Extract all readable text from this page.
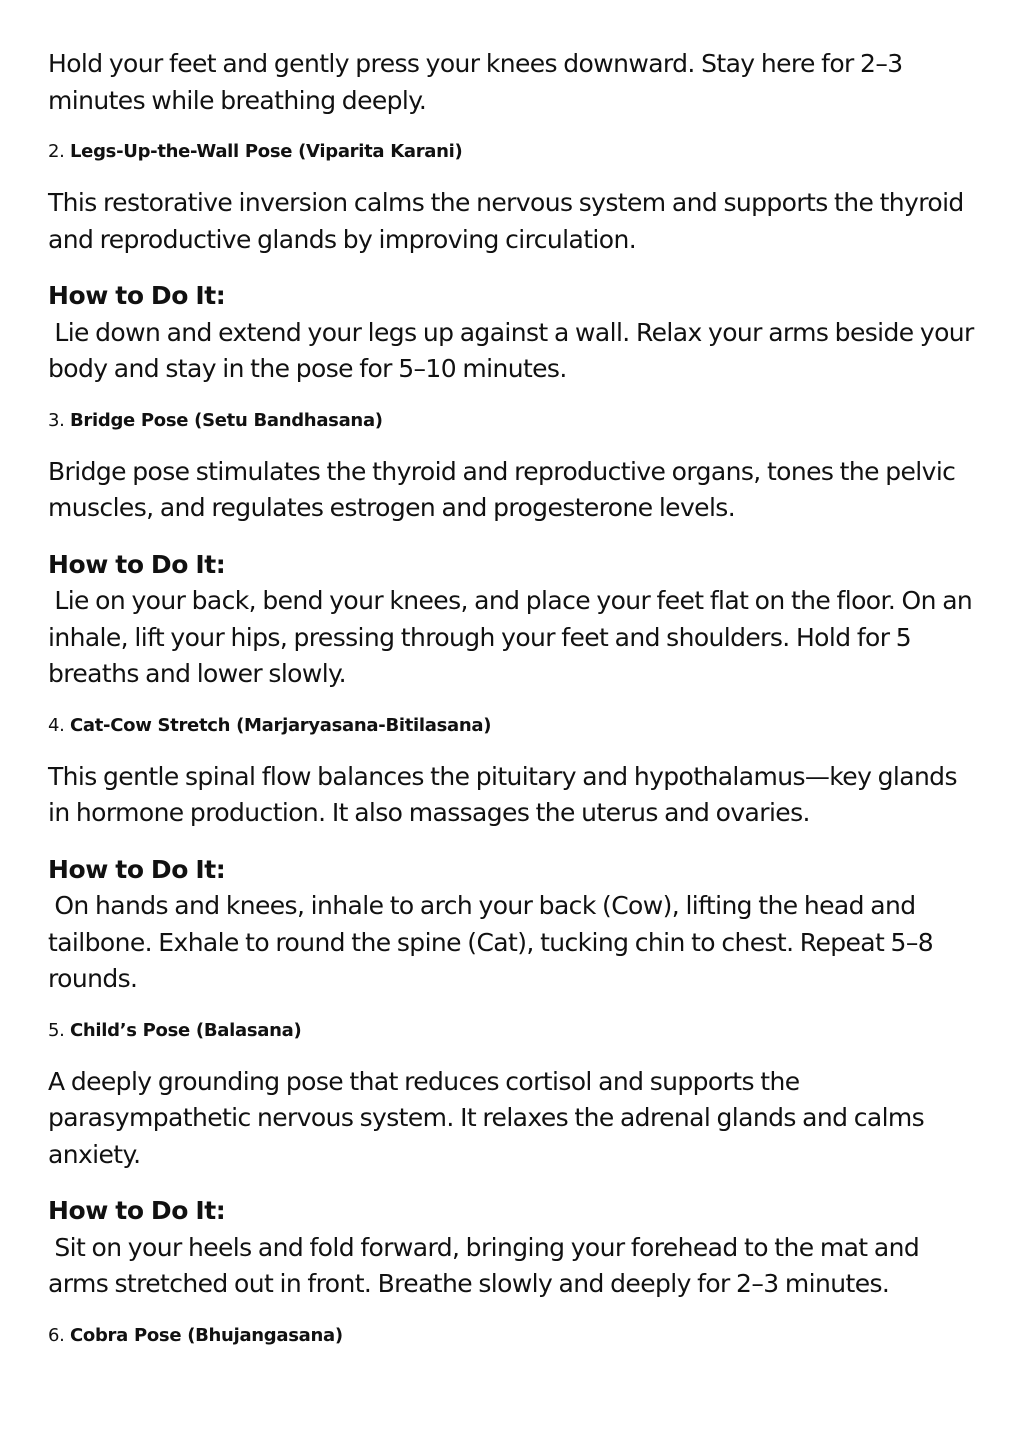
Hold your feet and gently press your knees downward. Stay here for 2–3 minutes while breathing deeply.

2. Legs-Up-the-Wall Pose (Viparita Karani)

This restorative inversion calms the nervous system and supports the thyroid and reproductive glands by improving circulation.

How to Do It:
Lie down and extend your legs up against a wall. Relax your arms beside your body and stay in the pose for 5–10 minutes.

3. Bridge Pose (Setu Bandhasana)

Bridge pose stimulates the thyroid and reproductive organs, tones the pelvic muscles, and regulates estrogen and progesterone levels.

How to Do It:
Lie on your back, bend your knees, and place your feet flat on the floor. On an inhale, lift your hips, pressing through your feet and shoulders. Hold for 5 breaths and lower slowly.

4. Cat-Cow Stretch (Marjaryasana-Bitilasana)

This gentle spinal flow balances the pituitary and hypothalamus—key glands in hormone production. It also massages the uterus and ovaries.

How to Do It:
On hands and knees, inhale to arch your back (Cow), lifting the head and tailbone. Exhale to round the spine (Cat), tucking chin to chest. Repeat 5–8 rounds.

5. Child’s Pose (Balasana)

A deeply grounding pose that reduces cortisol and supports the parasympathetic nervous system. It relaxes the adrenal glands and calms anxiety.

How to Do It:
Sit on your heels and fold forward, bringing your forehead to the mat and arms stretched out in front. Breathe slowly and deeply for 2–3 minutes.

6. Cobra Pose (Bhujangasana)
